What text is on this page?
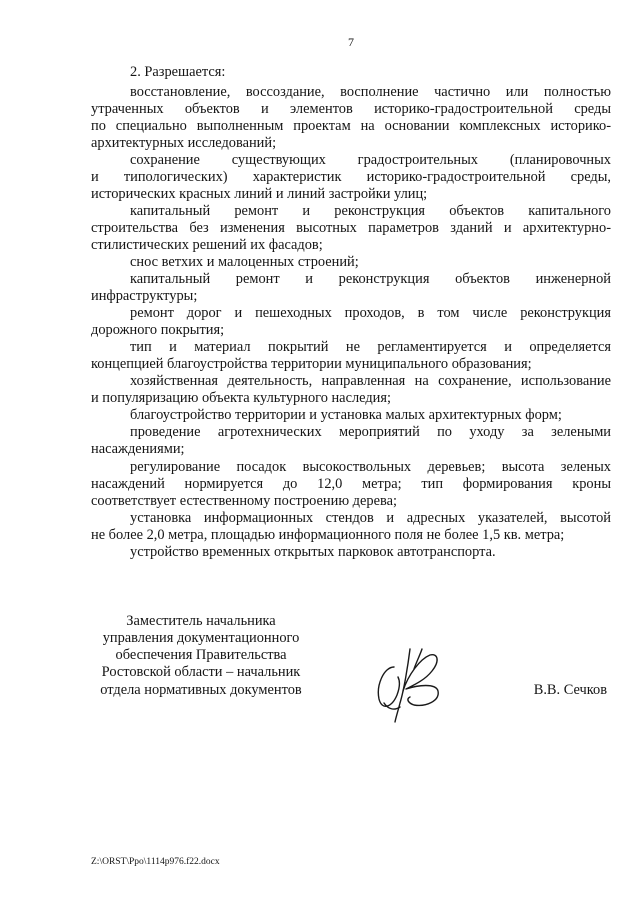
7
2. Разрешается:
восстановление, воссоздание, восполнение частично или полностью
утраченных объектов и элементов историко-градостроительной среды
по специально выполненным проектам на основании комплексных историко-
архитектурных исследований;
сохранение существующих градостроительных (планировочных
и типологических) характеристик историко-градостроительной среды,
исторических красных линий и линий застройки улиц;
капитальный ремонт и реконструкция объектов капитального
строительства без изменения высотных параметров зданий и архитектурно-
стилистических решений их фасадов;
снос ветхих и малоценных строений;
капитальный ремонт и реконструкция объектов инженерной
инфраструктуры;
ремонт дорог и пешеходных проходов, в том числе реконструкция
дорожного покрытия;
тип и материал покрытий не регламентируется и определяется
концепцией благоустройства территории муниципального образования;
хозяйственная деятельность, направленная на сохранение, использование
и популяризацию объекта культурного наследия;
благоустройство территории и установка малых архитектурных форм;
проведение агротехнических мероприятий по уходу за зелеными
насаждениями;
регулирование посадок высокоствольных деревьев; высота зеленых
насаждений нормируется до 12,0 метра; тип формирования кроны
соответствует естественному построению дерева;
установка информационных стендов и адресных указателей, высотой
не более 2,0 метра, площадью информационного поля не более 1,5 кв. метра;
устройство временных открытых парковок автотранспорта.
Заместитель начальника
управления документационного
обеспечения Правительства
Ростовской области – начальник
отдела нормативных документов	В.В. Сечков
Z:\ORST\Ppo\1114p976.f22.docx
